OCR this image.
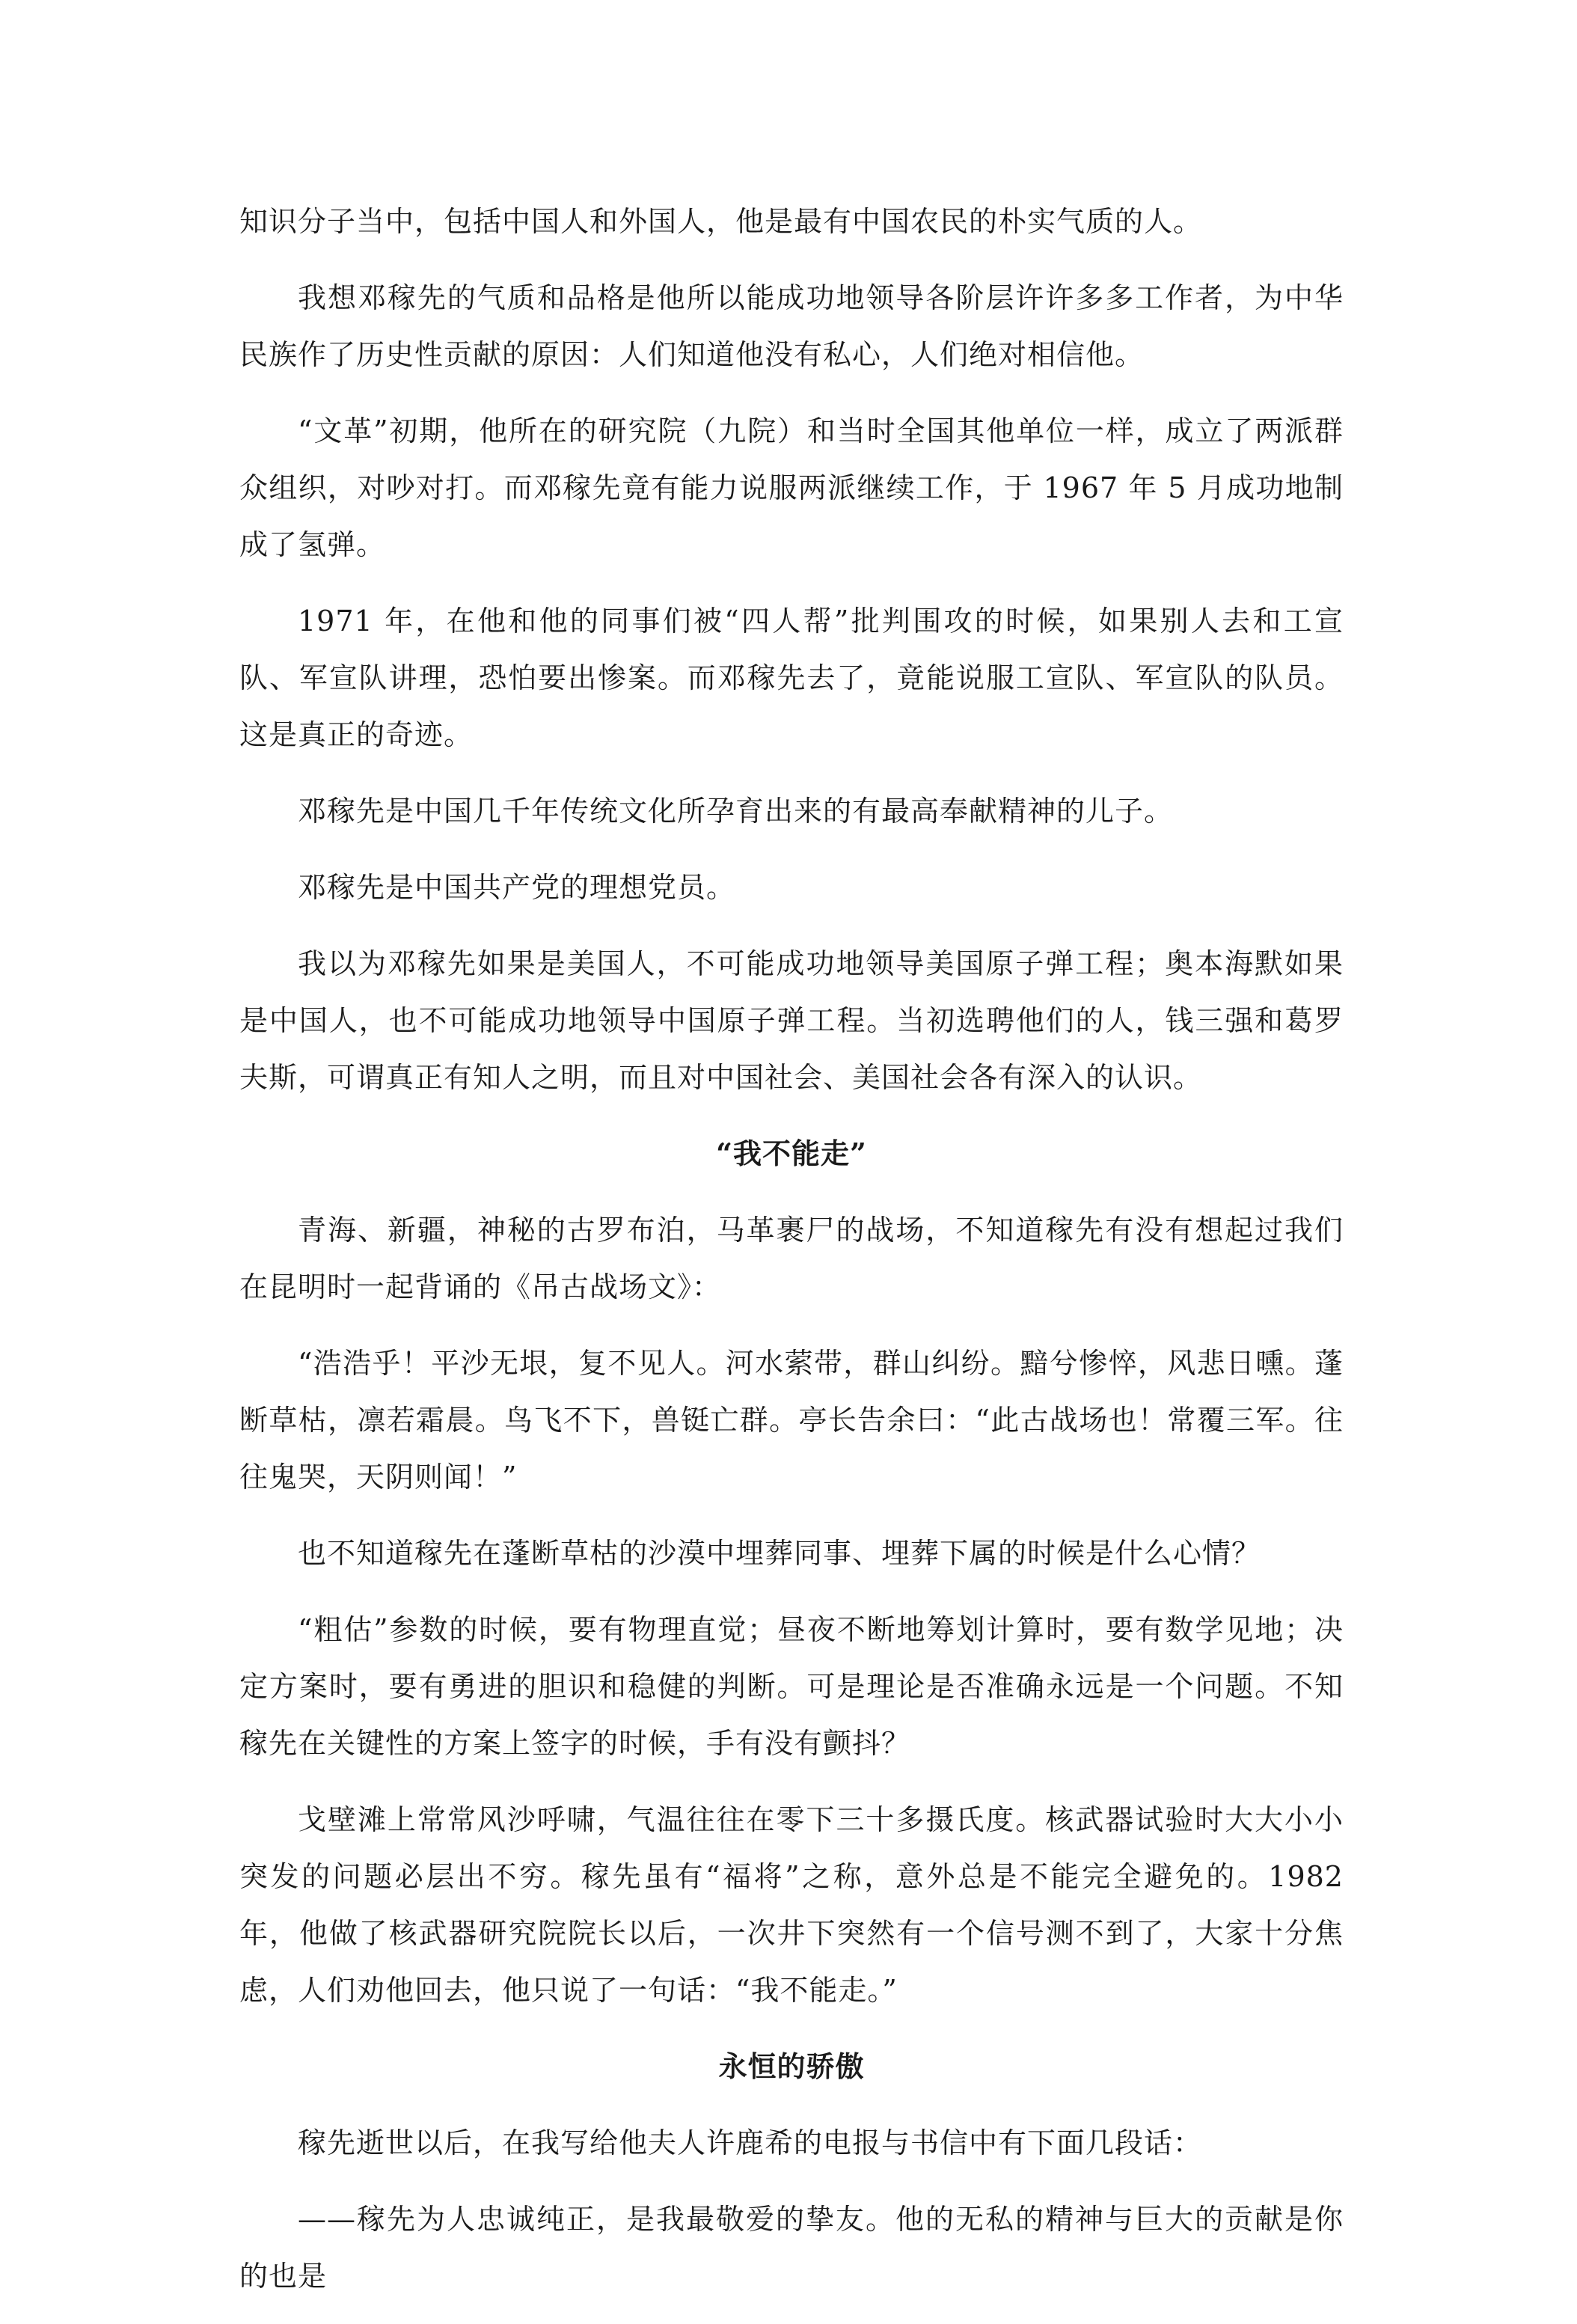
知识分子当中，包括中国人和外国人，他是最有中国农民的朴实气质的人。

我想邓稼先的气质和品格是他所以能成功地领导各阶层许许多多工作者，为中华民族作了历史性贡献的原因：人们知道他没有私心，人们绝对相信他。

“文革”初期，他所在的研究院（九院）和当时全国其他单位一样，成立了两派群众组织，对吵对打。而邓稼先竟有能力说服两派继续工作，于 1967 年 5 月成功地制成了氢弹。

1971 年，在他和他的同事们被“四人帮”批判围攻的时候，如果别人去和工宣队、军宣队讲理，恐怕要出惨案。而邓稼先去了，竟能说服工宣队、军宣队的队员。这是真正的奇迹。

邓稼先是中国几千年传统文化所孕育出来的有最高奉献精神的儿子。

邓稼先是中国共产党的理想党员。

我以为邓稼先如果是美国人，不可能成功地领导美国原子弹工程；奥本海默如果是中国人，也不可能成功地领导中国原子弹工程。当初选聘他们的人，钱三强和葛罗夫斯，可谓真正有知人之明，而且对中国社会、美国社会各有深入的认识。

“我不能走”

青海、新疆，神秘的古罗布泊，马革裹尸的战场，不知道稼先有没有想起过我们在昆明时一起背诵的《吊古战场文》：

“浩浩乎！平沙无垠，复不见人。河水萦带，群山纠纷。黯兮惨悴，风悲日曛。蓬断草枯，凛若霜晨。鸟飞不下，兽铤亡群。亭长告余曰：“此古战场也！常覆三军。往往鬼哭，天阴则闻！”

也不知道稼先在蓬断草枯的沙漠中埋葬同事、埋葬下属的时候是什么心情？

“粗估”参数的时候，要有物理直觉；昼夜不断地筹划计算时，要有数学见地；决定方案时，要有勇进的胆识和稳健的判断。可是理论是否准确永远是一个问题。不知稼先在关键性的方案上签字的时候，手有没有颤抖？

戈壁滩上常常风沙呼啸，气温往往在零下三十多摄氏度。核武器试验时大大小小突发的问题必层出不穷。稼先虽有“福将”之称，意外总是不能完全避免的。1982 年，他做了核武器研究院院长以后，一次井下突然有一个信号测不到了，大家十分焦虑，人们劝他回去，他只说了一句话：“我不能走。”

永恒的骄傲

稼先逝世以后，在我写给他夫人许鹿希的电报与书信中有下面几段话：

——稼先为人忠诚纯正，是我最敬爱的挚友。他的无私的精神与巨大的贡献是你的也是
